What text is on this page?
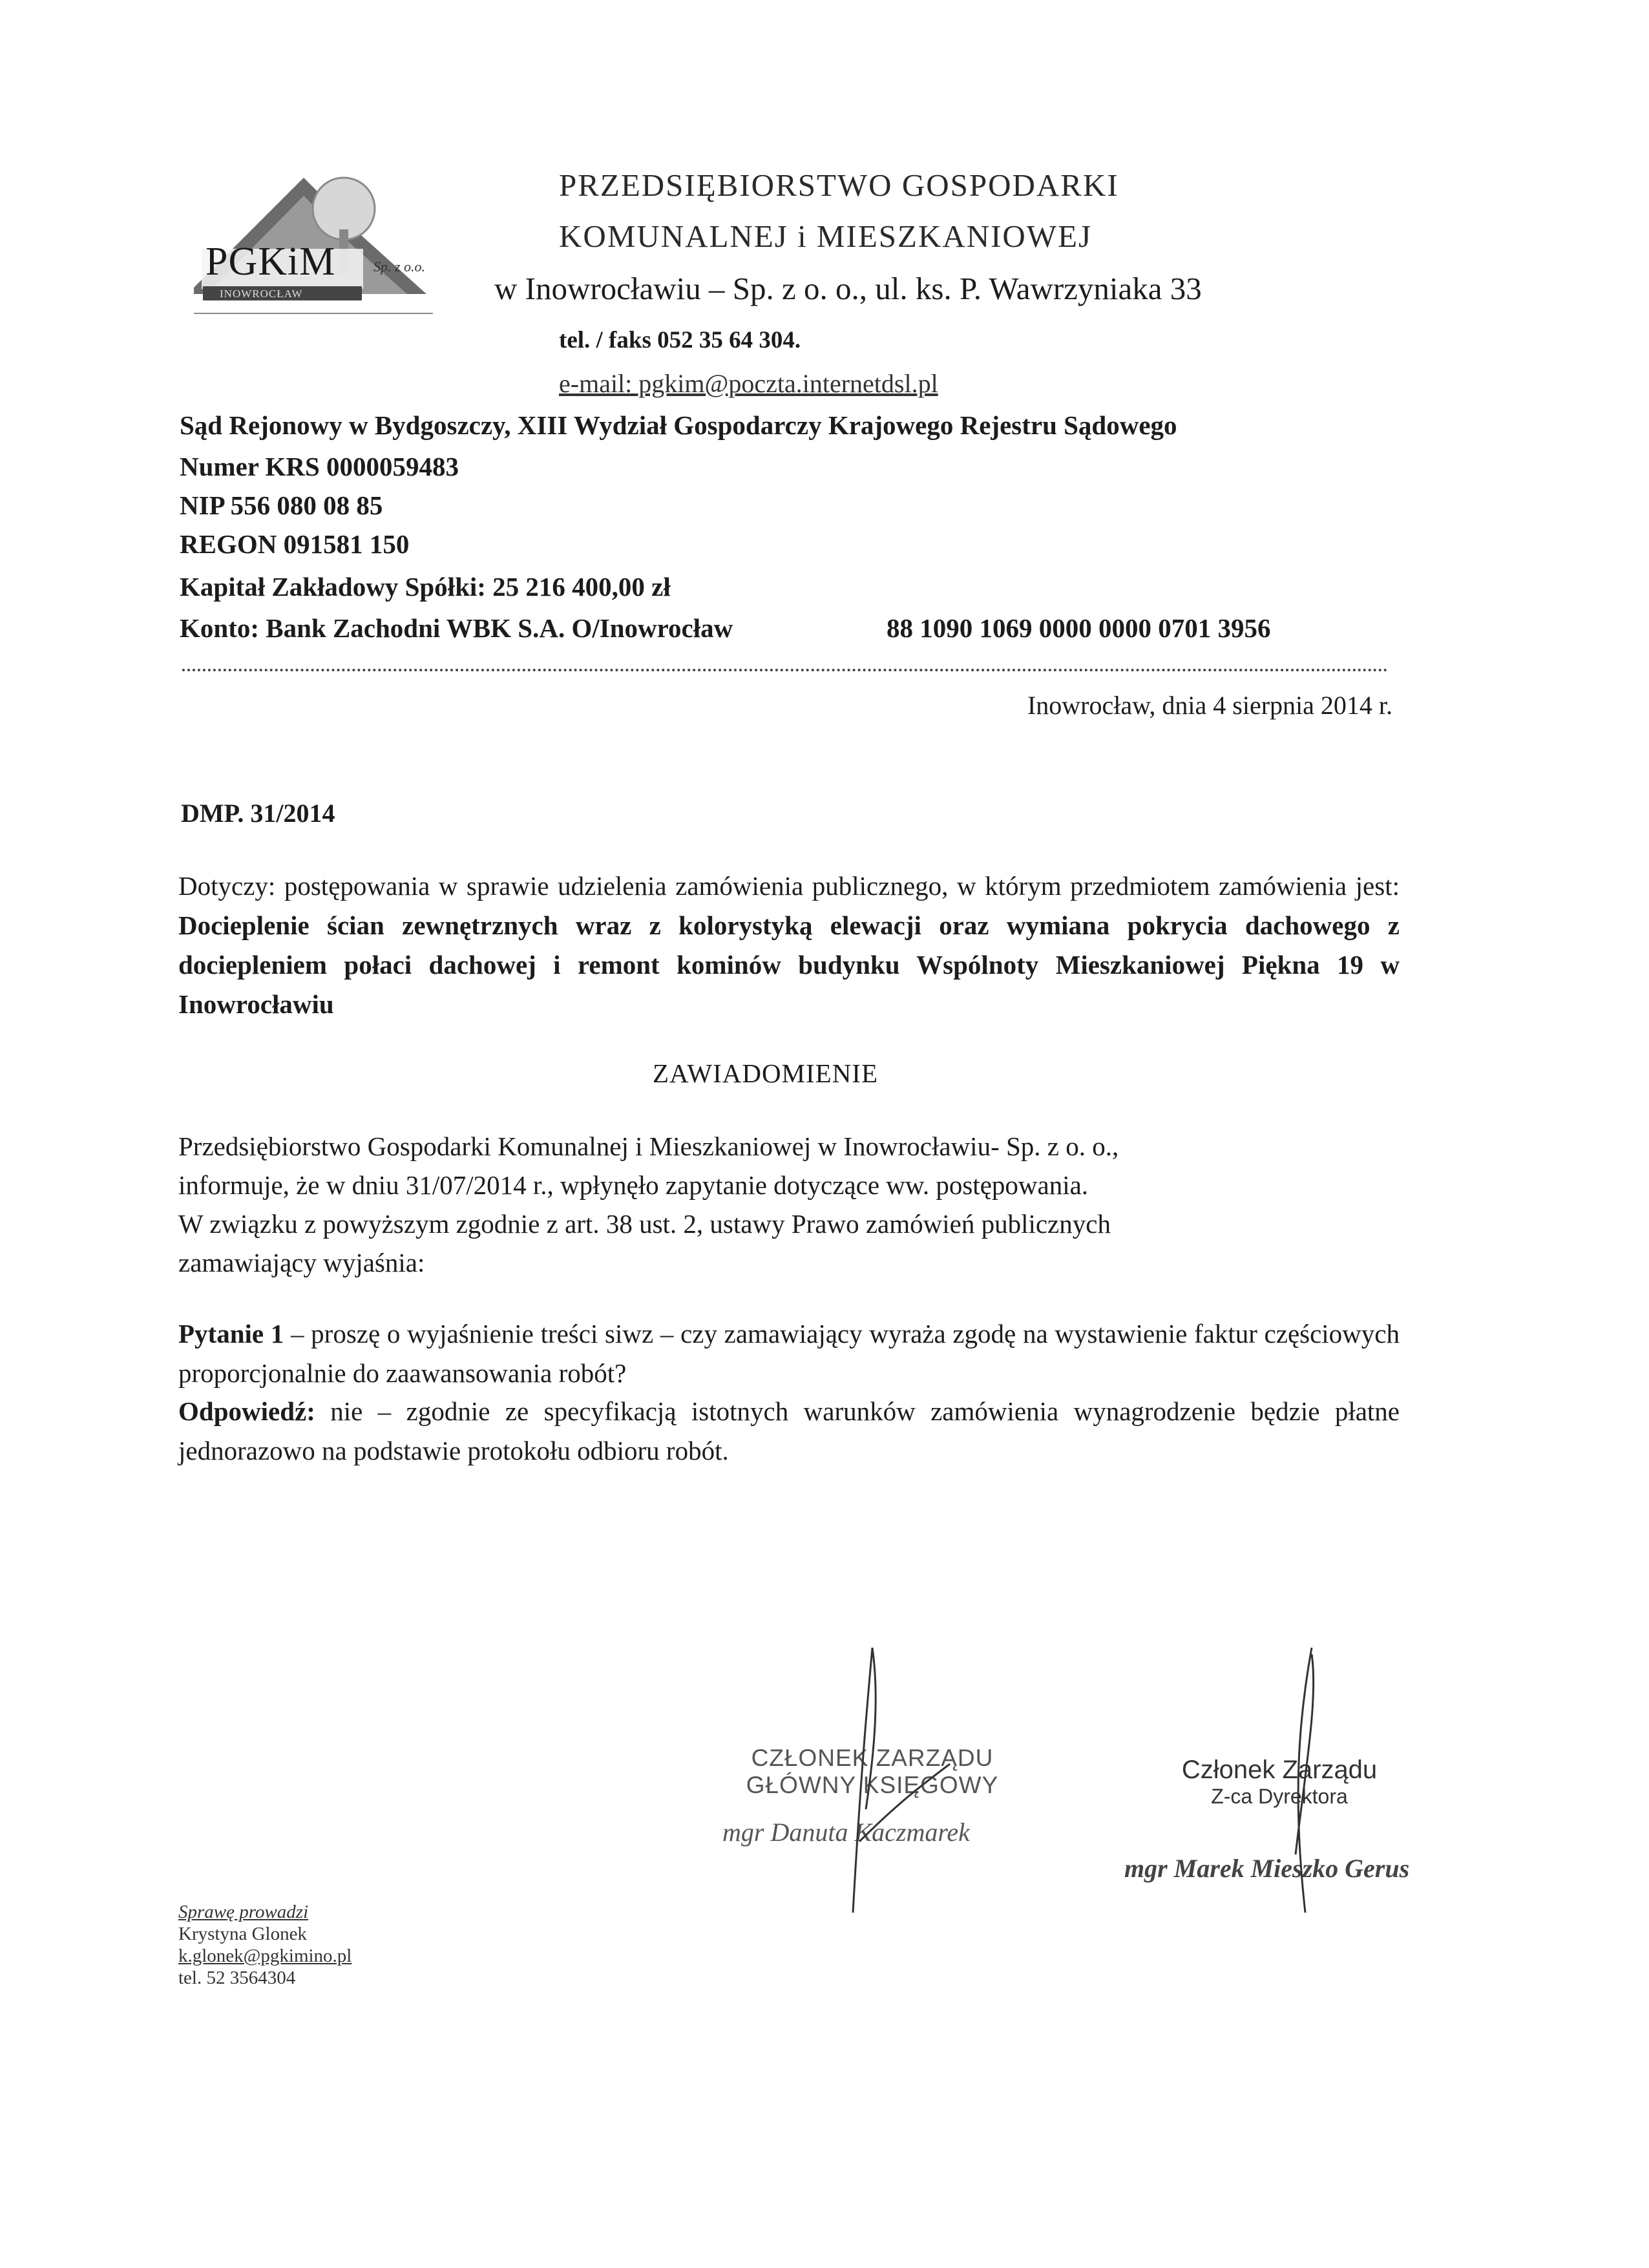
PGKiM	Sp. z o.o.
INOWROCŁAW
PRZEDSIĘBIORSTWO GOSPODARKI
KOMUNALNEJ i MIESZKANIOWEJ
w Inowrocławiu – Sp. z o. o., ul. ks. P. Wawrzyniaka 33
tel. / faks 052 35 64 304.
e-mail: pgkim@poczta.internetdsl.pl
Sąd Rejonowy w Bydgoszczy, XIII Wydział Gospodarczy Krajowego Rejestru Sądowego
Numer KRS 0000059483
NIP 556 080 08 85
REGON 091581 150
Kapitał Zakładowy Spółki: 25 216 400,00 zł
Konto: Bank Zachodni WBK S.A. O/Inowrocław	88 1090 1069 0000 0000 0701 3956
Inowrocław, dnia 4 sierpnia 2014 r.
DMP. 31/2014
Dotyczy: postępowania w sprawie udzielenia zamówienia publicznego, w którym przedmiotem zamówienia jest: Docieplenie ścian zewnętrznych wraz z kolorystyką elewacji oraz wymiana pokrycia dachowego z dociepleniem połaci dachowej i remont kominów budynku Wspólnoty Mieszkaniowej Piękna 19 w Inowrocławiu
ZAWIADOMIENIE
Przedsiębiorstwo Gospodarki Komunalnej i Mieszkaniowej w Inowrocławiu- Sp. z o. o.,
informuje, że w dniu 31/07/2014 r., wpłynęło zapytanie dotyczące ww. postępowania.
W związku z powyższym zgodnie z art. 38 ust. 2, ustawy Prawo zamówień publicznych
zamawiający wyjaśnia:
Pytanie 1 – proszę o wyjaśnienie treści siwz – czy zamawiający wyraża zgodę na wystawienie faktur częściowych proporcjonalnie do zaawansowania robót?
Odpowiedź: nie – zgodnie ze specyfikacją istotnych warunków zamówienia wynagrodzenie będzie płatne jednorazowo na podstawie protokołu odbioru robót.
CZŁONEK ZARZĄDU
GŁÓWNY KSIĘGOWY
mgr Danuta Kaczmarek
Członek Zarządu
Z-ca Dyrektora
mgr Marek Mieszko Gerus
Sprawę prowadzi
Krystyna Glonek
k.glonek@pgkimino.pl
tel. 52 3564304
